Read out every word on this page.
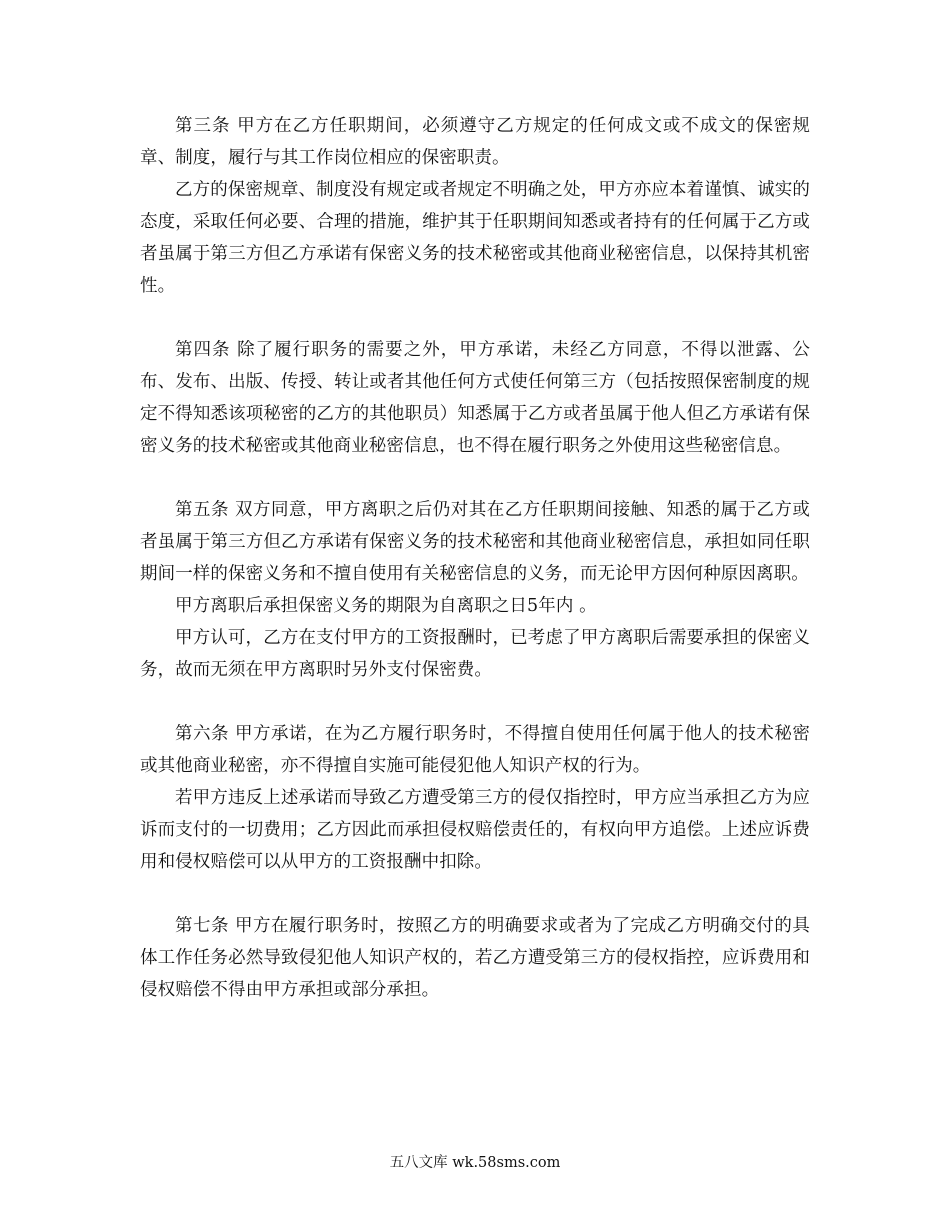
第三条 甲方在乙方任职期间，必须遵守乙方规定的任何成文或不成文的保密规章、制度，履行与其工作岗位相应的保密职责。

乙方的保密规章、制度没有规定或者规定不明确之处，甲方亦应本着谨慎、诚实的态度，采取任何必要、合理的措施，维护其于任职期间知悉或者持有的任何属于乙方或者虽属于第三方但乙方承诺有保密义务的技术秘密或其他商业秘密信息，以保持其机密性。

第四条 除了履行职务的需要之外，甲方承诺，未经乙方同意，不得以泄露、公布、发布、出版、传授、转让或者其他任何方式使任何第三方（包括按照保密制度的规定不得知悉该项秘密的乙方的其他职员）知悉属于乙方或者虽属于他人但乙方承诺有保密义务的技术秘密或其他商业秘密信息，也不得在履行职务之外使用这些秘密信息。

第五条 双方同意，甲方离职之后仍对其在乙方任职期间接触、知悉的属于乙方或者虽属于第三方但乙方承诺有保密义务的技术秘密和其他商业秘密信息，承担如同任职期间一样的保密义务和不擅自使用有关秘密信息的义务，而无论甲方因何种原因离职。

甲方离职后承担保密义务的期限为自离职之日5年内 。

甲方认可，乙方在支付甲方的工资报酬时，已考虑了甲方离职后需要承担的保密义务，故而无须在甲方离职时另外支付保密费。

第六条 甲方承诺，在为乙方履行职务时，不得擅自使用任何属于他人的技术秘密或其他商业秘密，亦不得擅自实施可能侵犯他人知识产权的行为。

若甲方违反上述承诺而导致乙方遭受第三方的侵仅指控时，甲方应当承担乙方为应诉而支付的一切费用；乙方因此而承担侵权赔偿责任的，有权向甲方追偿。上述应诉费用和侵权赔偿可以从甲方的工资报酬中扣除。

第七条 甲方在履行职务时，按照乙方的明确要求或者为了完成乙方明确交付的具体工作任务必然导致侵犯他人知识产权的，若乙方遭受第三方的侵权指控，应诉费用和侵权赔偿不得由甲方承担或部分承担。

五八文库 wk.58sms.com
